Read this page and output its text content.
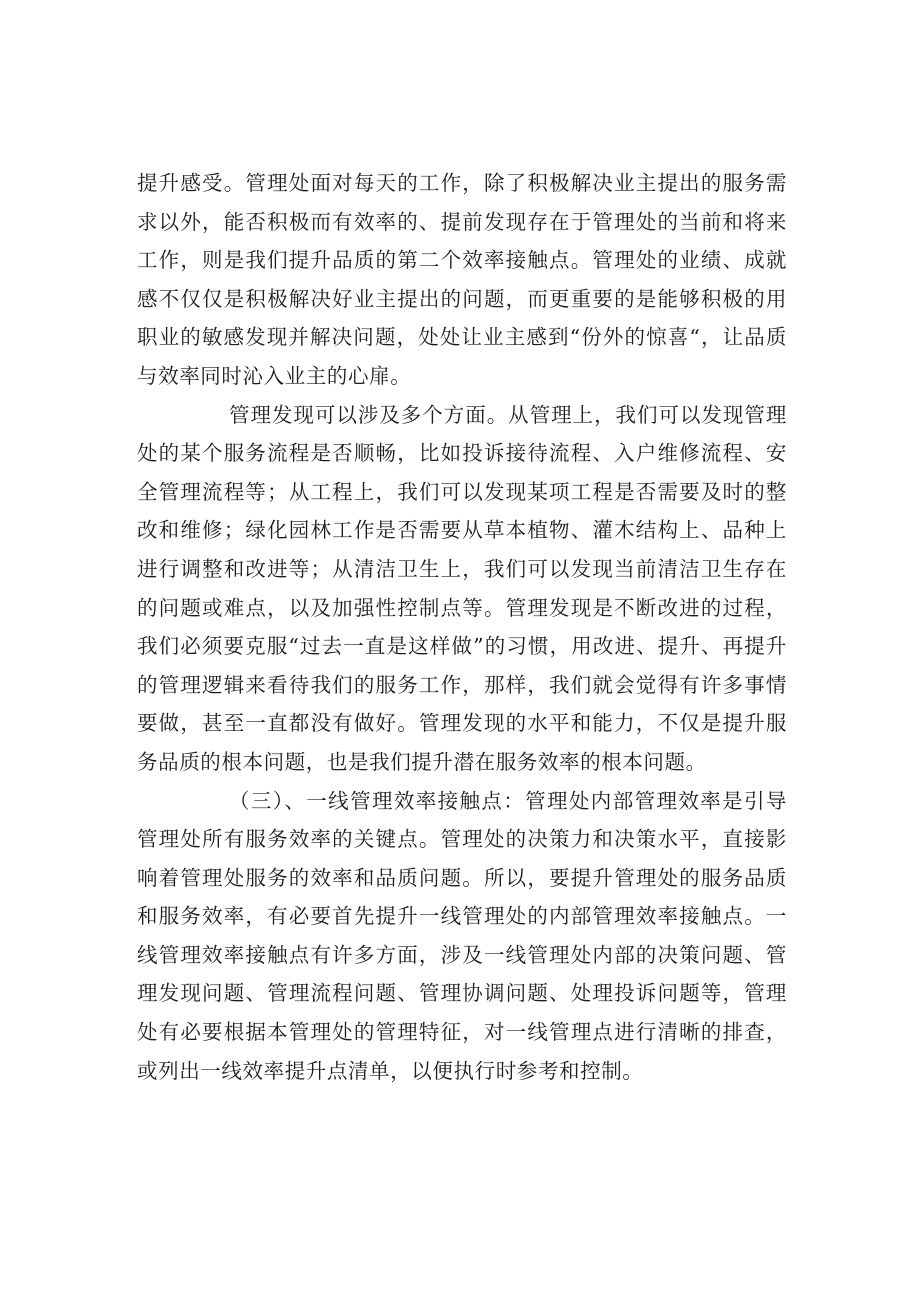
提升感受。管理处面对每天的工作，除了积极解决业主提出的服务需求以外，能否积极而有效率的、提前发现存在于管理处的当前和将来工作，则是我们提升品质的第二个效率接触点。管理处的业绩、成就感不仅仅是积极解决好业主提出的问题，而更重要的是能够积极的用职业的敏感发现并解决问题，处处让业主感到“份外的惊喜“，让品质与效率同时沁入业主的心扉。

管理发现可以涉及多个方面。从管理上，我们可以发现管理处的某个服务流程是否顺畅，比如投诉接待流程、入户维修流程、安全管理流程等；从工程上，我们可以发现某项工程是否需要及时的整改和维修；绿化园林工作是否需要从草本植物、灌木结构上、品种上进行调整和改进等；从清洁卫生上，我们可以发现当前清洁卫生存在的问题或难点，以及加强性控制点等。管理发现是不断改进的过程，我们必须要克服“过去一直是这样做”的习惯，用改进、提升、再提升的管理逻辑来看待我们的服务工作，那样，我们就会觉得有许多事情要做，甚至一直都没有做好。管理发现的水平和能力，不仅是提升服务品质的根本问题，也是我们提升潜在服务效率的根本问题。

（三）、一线管理效率接触点：管理处内部管理效率是引导管理处所有服务效率的关键点。管理处的决策力和决策水平，直接影响着管理处服务的效率和品质问题。所以，要提升管理处的服务品质和服务效率，有必要首先提升一线管理处的内部管理效率接触点。一线管理效率接触点有许多方面，涉及一线管理处内部的决策问题、管理发现问题、管理流程问题、管理协调问题、处理投诉问题等，管理处有必要根据本管理处的管理特征，对一线管理点进行清晰的排查，或列出一线效率提升点清单，以便执行时参考和控制。
